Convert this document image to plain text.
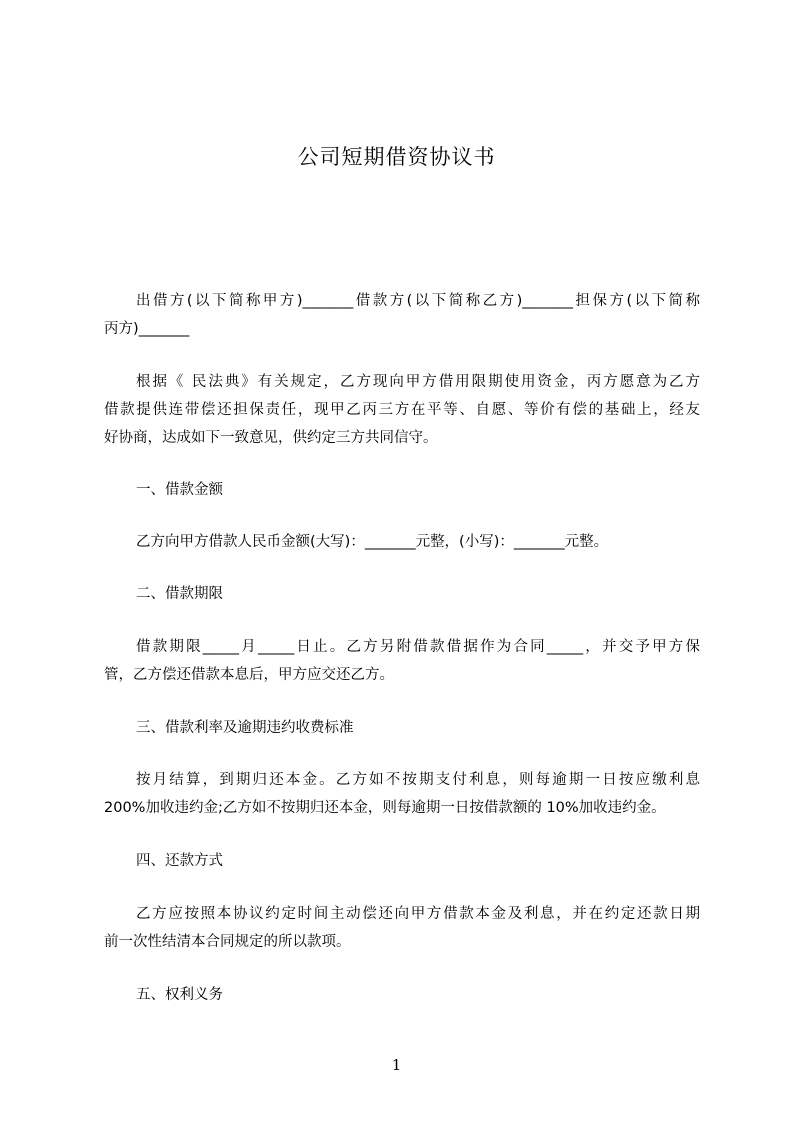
公司短期借资协议书
出借方(以下简称甲方)_______借款方(以下简称乙方)_______担保方(以下简称
丙方)_______
根据《 民法典》有关规定，乙方现向甲方借用限期使用资金，丙方愿意为乙方
借款提供连带偿还担保责任，现甲乙丙三方在平等、自愿、等价有偿的基础上，经友
好协商，达成如下一致意见，供约定三方共同信守。
一、借款金额
乙方向甲方借款人民币金额(大写)：_______元整，(小写)：_______元整。
二、借款期限
借款期限_____月_____日止。乙方另附借款借据作为合同_____，并交予甲方保
管，乙方偿还借款本息后，甲方应交还乙方。
三、借款利率及逾期违约收费标准
按月结算，到期归还本金。乙方如不按期支付利息，则每逾期一日按应缴利息
200%加收违约金;乙方如不按期归还本金，则每逾期一日按借款额的 10%加收违约金。
四、还款方式
乙方应按照本协议约定时间主动偿还向甲方借款本金及利息，并在约定还款日期
前一次性结清本合同规定的所以款项。
五、权利义务
1
